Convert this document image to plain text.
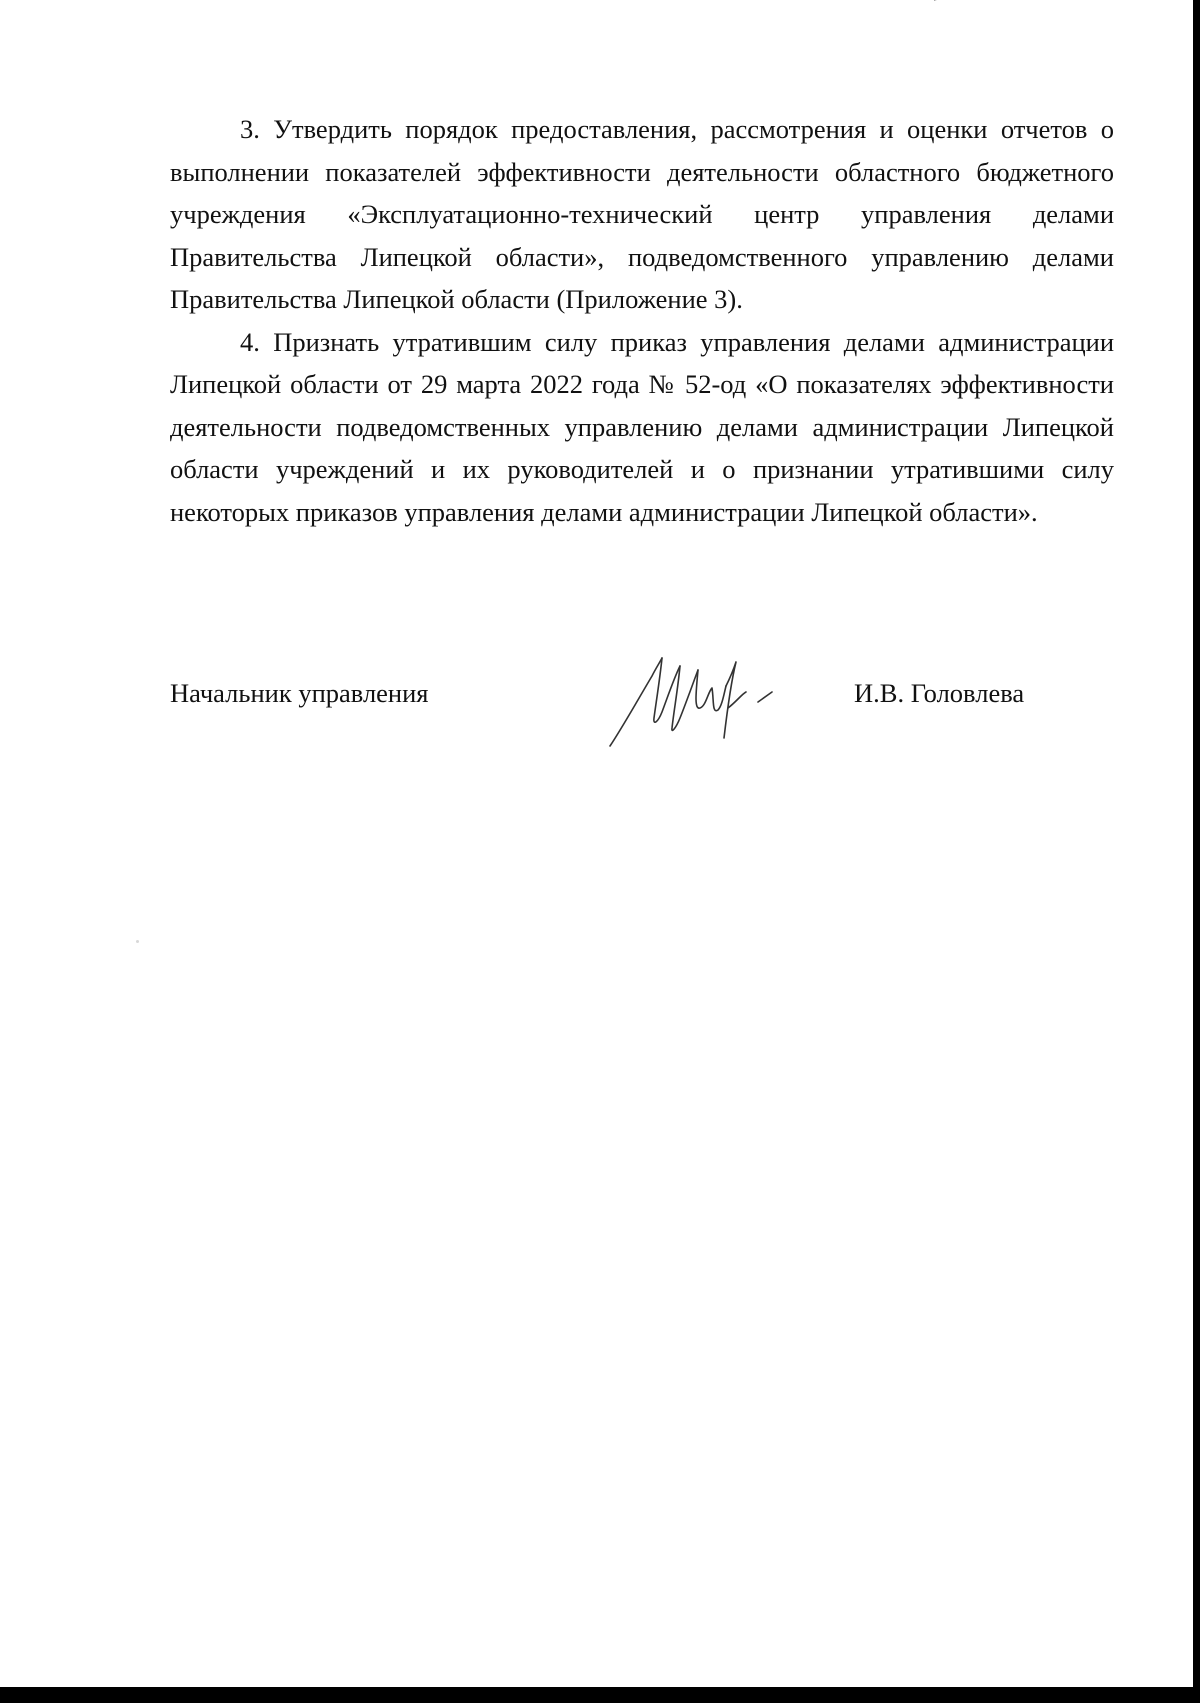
3. Утвердить порядок предоставления, рассмотрения и оценки отчетов о выполнении показателей эффективности деятельности областного бюджетного учреждения «Эксплуатационно-технический центр управления делами Правительства Липецкой области», подведомственного управлению делами Правительства Липецкой области (Приложение 3).

4. Признать утратившим силу приказ управления делами администрации Липецкой области от 29 марта 2022 года № 52-од «О показателях эффективности деятельности подведомственных управлению делами администрации Липецкой области учреждений и их руководителей и о признании утратившими силу некоторых приказов управления делами администрации Липецкой области».

Начальник управления	И.В. Головлева
